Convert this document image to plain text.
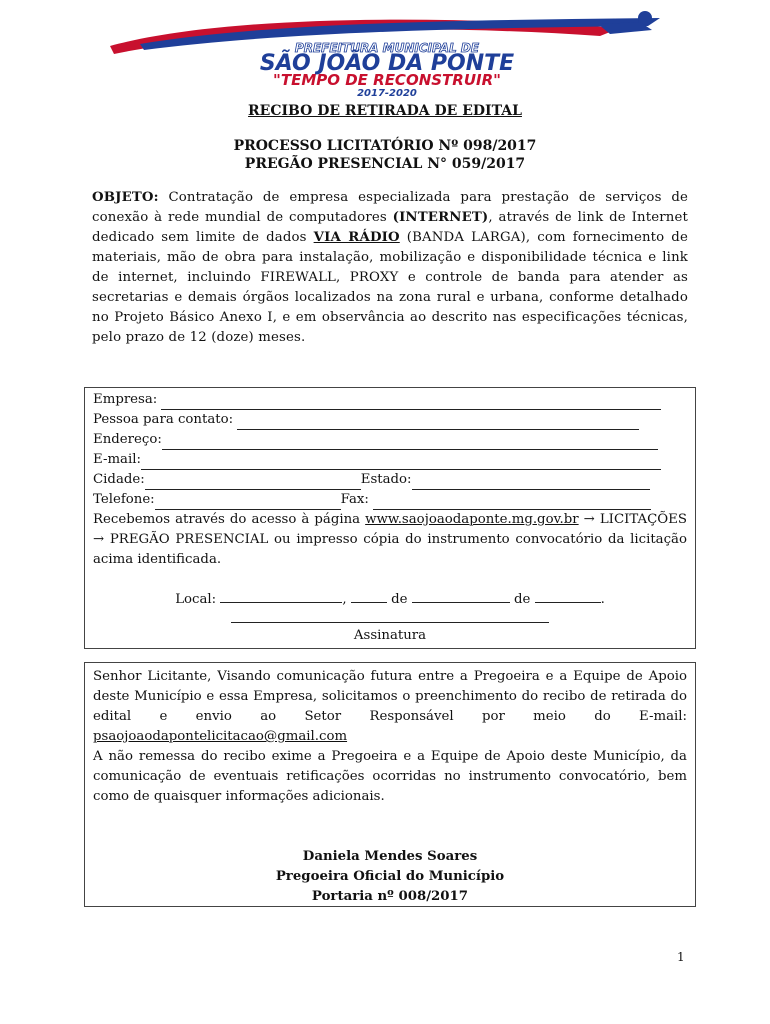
PREFEITURA MUNICIPAL DE
SÃO JOÃO DA PONTE
"TEMPO DE RECONSTRUIR"
2017-2020
RECIBO DE RETIRADA DE EDITAL
PROCESSO LICITATÓRIO Nº 098/2017
PREGÃO PRESENCIAL N° 059/2017
OBJETO: Contratação de empresa especializada para prestação de serviços de conexão à rede mundial de computadores (INTERNET), através de link de Internet dedicado sem limite de dados VIA RÁDIO (BANDA LARGA), com fornecimento de materiais, mão de obra para instalação, mobilização e disponibilidade técnica e link de internet, incluindo FIREWALL, PROXY e controle de banda para atender as secretarias e demais órgãos localizados na zona rural e urbana, conforme detalhado no Projeto Básico Anexo I, e em observância ao descrito nas especificações técnicas, pelo prazo de 12 (doze) meses.
Empresa:
Pessoa para contato:
Endereço:
E-mail:
Cidade:	Estado:
Telefone:	Fax:
Recebemos através do acesso à página www.saojoaodaponte.mg.gov.br → LICITAÇÕES → PREGÃO PRESENCIAL ou impresso cópia do instrumento convocatório da licitação acima identificada.
Local:	,	de	de	.
Assinatura
Senhor Licitante, Visando comunicação futura entre a Pregoeira e a Equipe de Apoio deste Município e essa Empresa, solicitamos o preenchimento do recibo de retirada do edital e envio ao Setor Responsável por meio do E-mail: psaojoaodapontelicitacao@gmail.com
A não remessa do recibo exime a Pregoeira e a Equipe de Apoio deste Município, da comunicação de eventuais retificações ocorridas no instrumento convocatório, bem como de quaisquer informações adicionais.
Daniela Mendes Soares
Pregoeira Oficial do Município
Portaria nº 008/2017
1
